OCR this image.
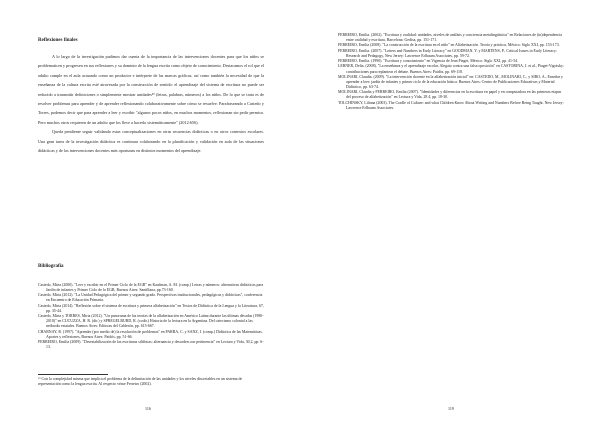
Reflexiones finales

A lo largo de la investigación pudimos dar cuenta de la importancia de las intervenciones docentes para que los niños se problematicen y progresen en sus reflexiones y su dominio de la lengua escrita como objeto de conocimiento. Destacamos el rol que el adulto cumple en el aula actuando como un productor e intérprete de las marcas gráficas, así como también la necesidad de que la enseñanza de la cultura escrita esté atravesada por la construcción de sentido: el aprendizaje del sistema de escritura no puede ser reducido a transmitir definiciones o simplemente mostrar unidades²⁹ (letras, palabras, números) a los niños. De lo que se trata es de resolver problemas para aprender y de aprender reflexionando colaborativamente sobre cómo se resuelve. Parafraseando a Castedo y Torres, podemos decir que para aprender a leer y escribir "algunos pocos niños, en muchos momentos, reflexionan sin pedir permiso. Pero muchos otros requieren de un adulto que los lleve a hacerlo sistemáticamente" (2012:656).

Queda pendiente seguir validando estas conceptualizaciones en otras secuencias didácticas o en otros contextos escolares. Una gran tarea de la investigación didáctica es continuar colaborando en la planificación y validación en aula de las situaciones didácticas y de las intervenciones docentes más oportunas en distintos momentos del aprendizaje.

Bibliografía
Castedo, Mirta (2000). "Leer y escribir en el Primer Ciclo de la EGB" en Kaufman, A. M. (comp.) Letras y números: alternativas didácticas para Jardín de infantes y Primer Ciclo de la EGB, Buenos Aires: Santillana, pp.73-160.
Castedo, Mirta (2012). "La Unidad Pedagógica del primer y segundo grado. Perspectivas institucionales, pedagógicas y didácticas", conferencia en Encuentro de Educación Primaria.
Castedo, Mirta (2014). "Reflexión sobre el sistema de escritura y primera alfabetización" en Textos de Didáctica de la Lengua y la Literatura, 67, pp. 35-44.
Castedo, Mirta y TORRES, Mirta (2012). "Un panorama de las teorías de la alfabetización en América Latina durante las últimas décadas (1980-2010)" en CUCUZZA, H. R. (dir.) y SPREGELBURD, R. (codir.) Historia de la lectura en la Argentina. Del catecismo colonial a las netbooks estatales. Buenos Aires: Editoras del Calderón, pp. 615-667.
CHARNAY, R. (1997). "Aprender (por medio de) la resolución de problemas" en PARRA, C. y SANZ, I. (comp.) Didáctica de las Matemáticas. Aportes y reflexiones, Buenos Aires: Paidós, pp. 51-66.
FERREIRO, Emilia (2009). "Desestabilización de las escrituras silábicas: alternancia y desorden con pertinencia" en Lectura y Vida, 30,2, pp. 6-13.
²⁹ Con la complejidad misma que implica el problema de la delimitación de las unidades y los niveles discretables en un sistema de representación como la lengua escrita. Al respecto véase Ferreiro (2002).
116
FERREIRO, Emilia. (2002). "Escritura y oralidad: unidades, niveles de análisis y conciencia metalingüística" en Relaciones de (in)dependencia entre oralidad y escritura, Barcelona: Gedisa, pp. 151-171.
FERREIRO, Emilia (2008). "La construcción de la escritura en el niño" en Alfabetización. Teoría y práctica, México: Siglo XXI, pp. 153-173.
FERREIRO, Emilia. (2007). "Letters and Numbers in Early Literacy" en GOODMAN, Y. y MARTENS, P., Critical Issues in Early Literacy: Research and Pedagogy, New Jersey: Lawrence Erlbaum Associates, pp. 59-72.
FERREIRO, Emilia. (1990). "Escritura y conocimiento" en Vigencia de Jean Piaget, México: Siglo XXI, pp. 41-54.
LERNER, Delia. (2008). "La enseñanza y el aprendizaje escolar. Alegato contra una falsa oposición" en CASTORINA, J. et al., Piaget-Vigotsky: contribuciones para replantear el debate. Buenos Aires: Paidós, pp. 69-118.
MOLINARI, Claudia. (2009). "La intervención docente en la alfabetización inicial" en: CASTEDO, M., MOLINARI, C., y SIRO, A., Enseñar y aprender a leer: jardín de infantes y primer ciclo de la educación básica. Buenos Aires: Centro de Publicaciones Educativas y Material Didáctico, pp. 63-74.
MOLINARI, Claudia y FERREIRO, Emilia (2007). "Identidades y diferencias en la escritura en papel y en computadora en las primeras etapas del proceso de alfabetización" en Lectura y Vida, 28 4, pp. 18-30.
TOLCHINSKY, Liliana (2003). The Cradle of Culture: and what Children Know About Writing and Numbers Before Being Taught. New Jersey: Lawrence Erlbaum Associates.
119
